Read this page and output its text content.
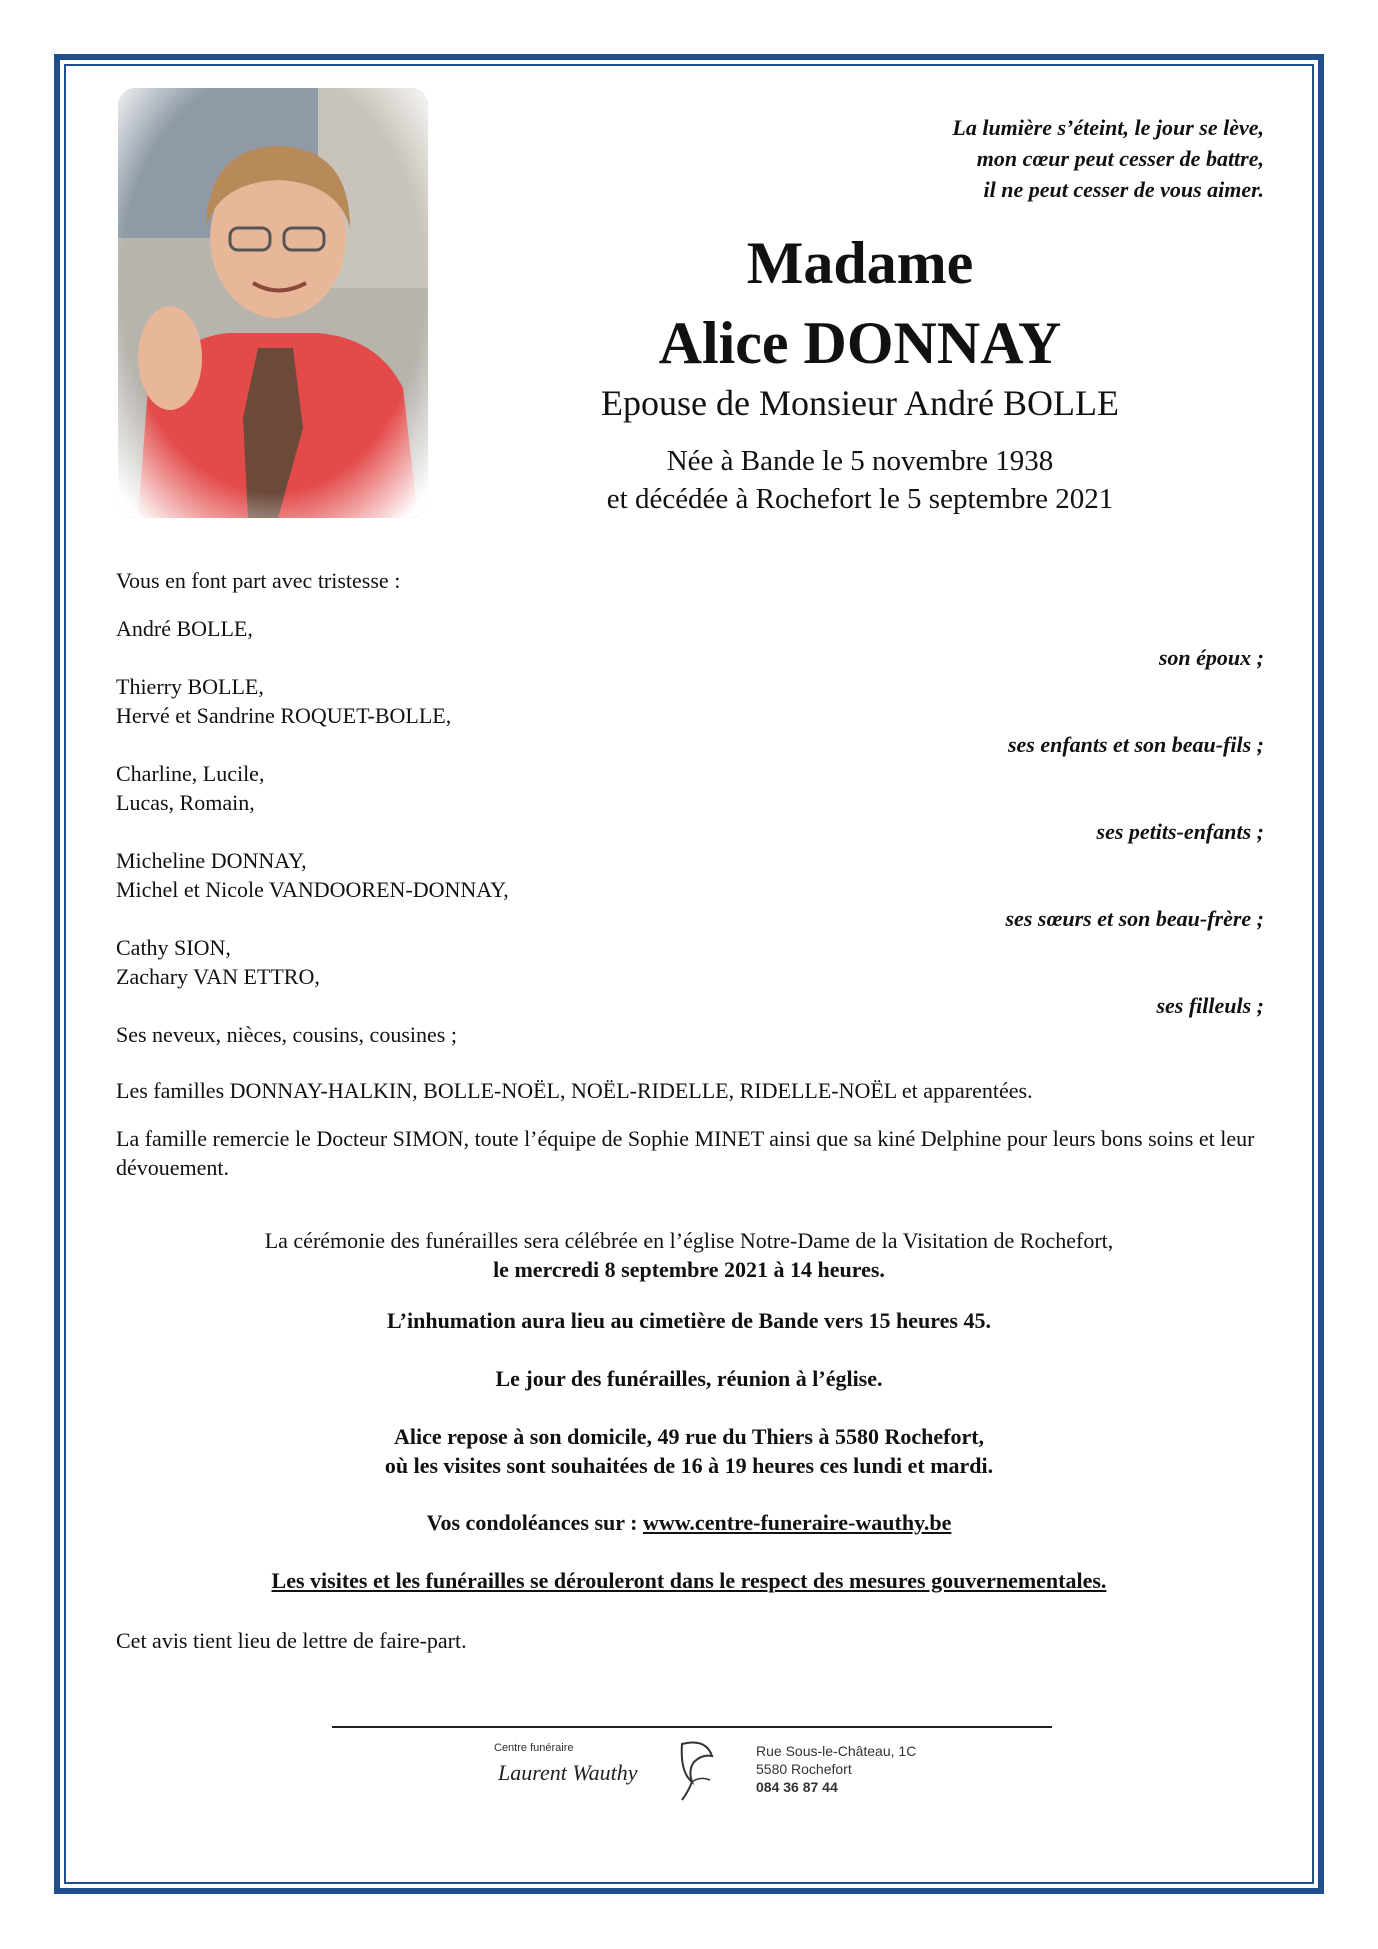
La lumière s’éteint, le jour se lève,
mon cœur peut cesser de battre,
il ne peut cesser de vous aimer.
Madame
Alice DONNAY
Epouse de Monsieur André BOLLE
Née à Bande le 5 novembre 1938
et décédée à Rochefort le 5 septembre 2021
Vous en font part avec tristesse :
André BOLLE,
son époux ;
Thierry BOLLE,
Hervé et Sandrine ROQUET-BOLLE,
ses enfants et son beau-fils ;
Charline, Lucile,
Lucas, Romain,
ses petits-enfants ;
Micheline DONNAY,
Michel et Nicole VANDOOREN-DONNAY,
ses sœurs et son beau-frère ;
Cathy SION,
Zachary VAN ETTRO,
ses filleuls ;
Ses neveux, nièces, cousins, cousines ;
Les familles DONNAY-HALKIN, BOLLE-NOËL, NOËL-RIDELLE, RIDELLE-NOËL et apparentées.
La famille remercie le Docteur SIMON, toute l’équipe de Sophie MINET ainsi que sa kiné Delphine pour leurs bons soins et leur dévouement.
La cérémonie des funérailles sera célébrée en l’église Notre-Dame de la Visitation de Rochefort,
le mercredi 8 septembre 2021 à 14 heures.
L’inhumation aura lieu au cimetière de Bande vers 15 heures 45.
Le jour des funérailles, réunion à l’église.
Alice repose à son domicile, 49 rue du Thiers à 5580 Rochefort,
où les visites sont souhaitées de 16 à 19 heures ces lundi et mardi.
Vos condoléances sur : www.centre-funeraire-wauthy.be
Les visites et les funérailles se dérouleront dans le respect des mesures gouvernementales.
Cet avis tient lieu de lettre de faire-part.
Centre funéraire
Laurent Wauthy
Rue Sous-le-Château, 1C
5580 Rochefort
084 36 87 44
